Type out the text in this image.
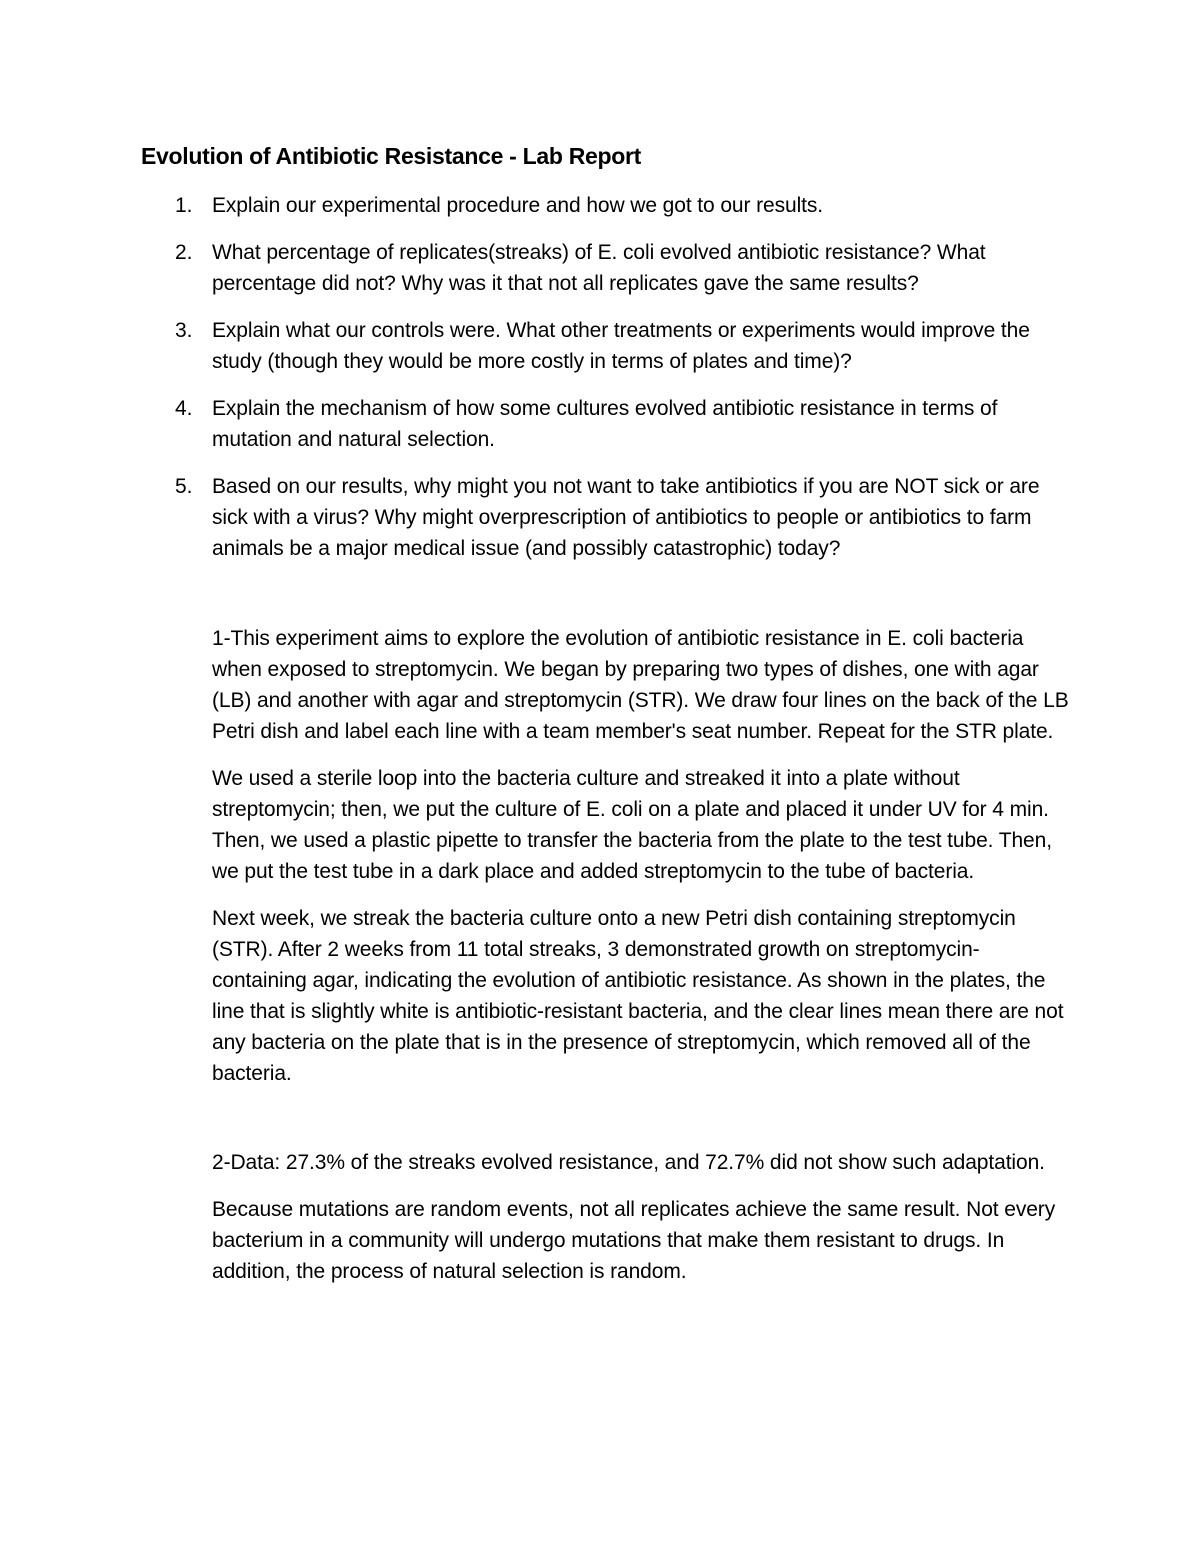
Evolution of Antibiotic Resistance - Lab Report
1. Explain our experimental procedure and how we got to our results.
2. What percentage of replicates(streaks) of E. coli evolved antibiotic resistance? What percentage did not? Why was it that not all replicates gave the same results?
3. Explain what our controls were. What other treatments or experiments would improve the study (though they would be more costly in terms of plates and time)?
4. Explain the mechanism of how some cultures evolved antibiotic resistance in terms of mutation and natural selection.
5. Based on our results, why might you not want to take antibiotics if you are NOT sick or are sick with a virus? Why might overprescription of antibiotics to people or antibiotics to farm animals be a major medical issue (and possibly catastrophic) today?

1-This experiment aims to explore the evolution of antibiotic resistance in E. coli bacteria when exposed to streptomycin. We began by preparing two types of dishes, one with agar (LB) and another with agar and streptomycin (STR). We draw four lines on the back of the LB Petri dish and label each line with a team member's seat number. Repeat for the STR plate.

We used a sterile loop into the bacteria culture and streaked it into a plate without streptomycin; then, we put the culture of E. coli on a plate and placed it under UV for 4 min. Then, we used a plastic pipette to transfer the bacteria from the plate to the test tube. Then, we put the test tube in a dark place and added streptomycin to the tube of bacteria.

Next week, we streak the bacteria culture onto a new Petri dish containing streptomycin (STR). After 2 weeks from 11 total streaks, 3 demonstrated growth on streptomycin-containing agar, indicating the evolution of antibiotic resistance. As shown in the plates, the line that is slightly white is antibiotic-resistant bacteria, and the clear lines mean there are not any bacteria on the plate that is in the presence of streptomycin, which removed all of the bacteria.

2-Data: 27.3% of the streaks evolved resistance, and 72.7% did not show such adaptation.

Because mutations are random events, not all replicates achieve the same result. Not every bacterium in a community will undergo mutations that make them resistant to drugs. In addition, the process of natural selection is random.
